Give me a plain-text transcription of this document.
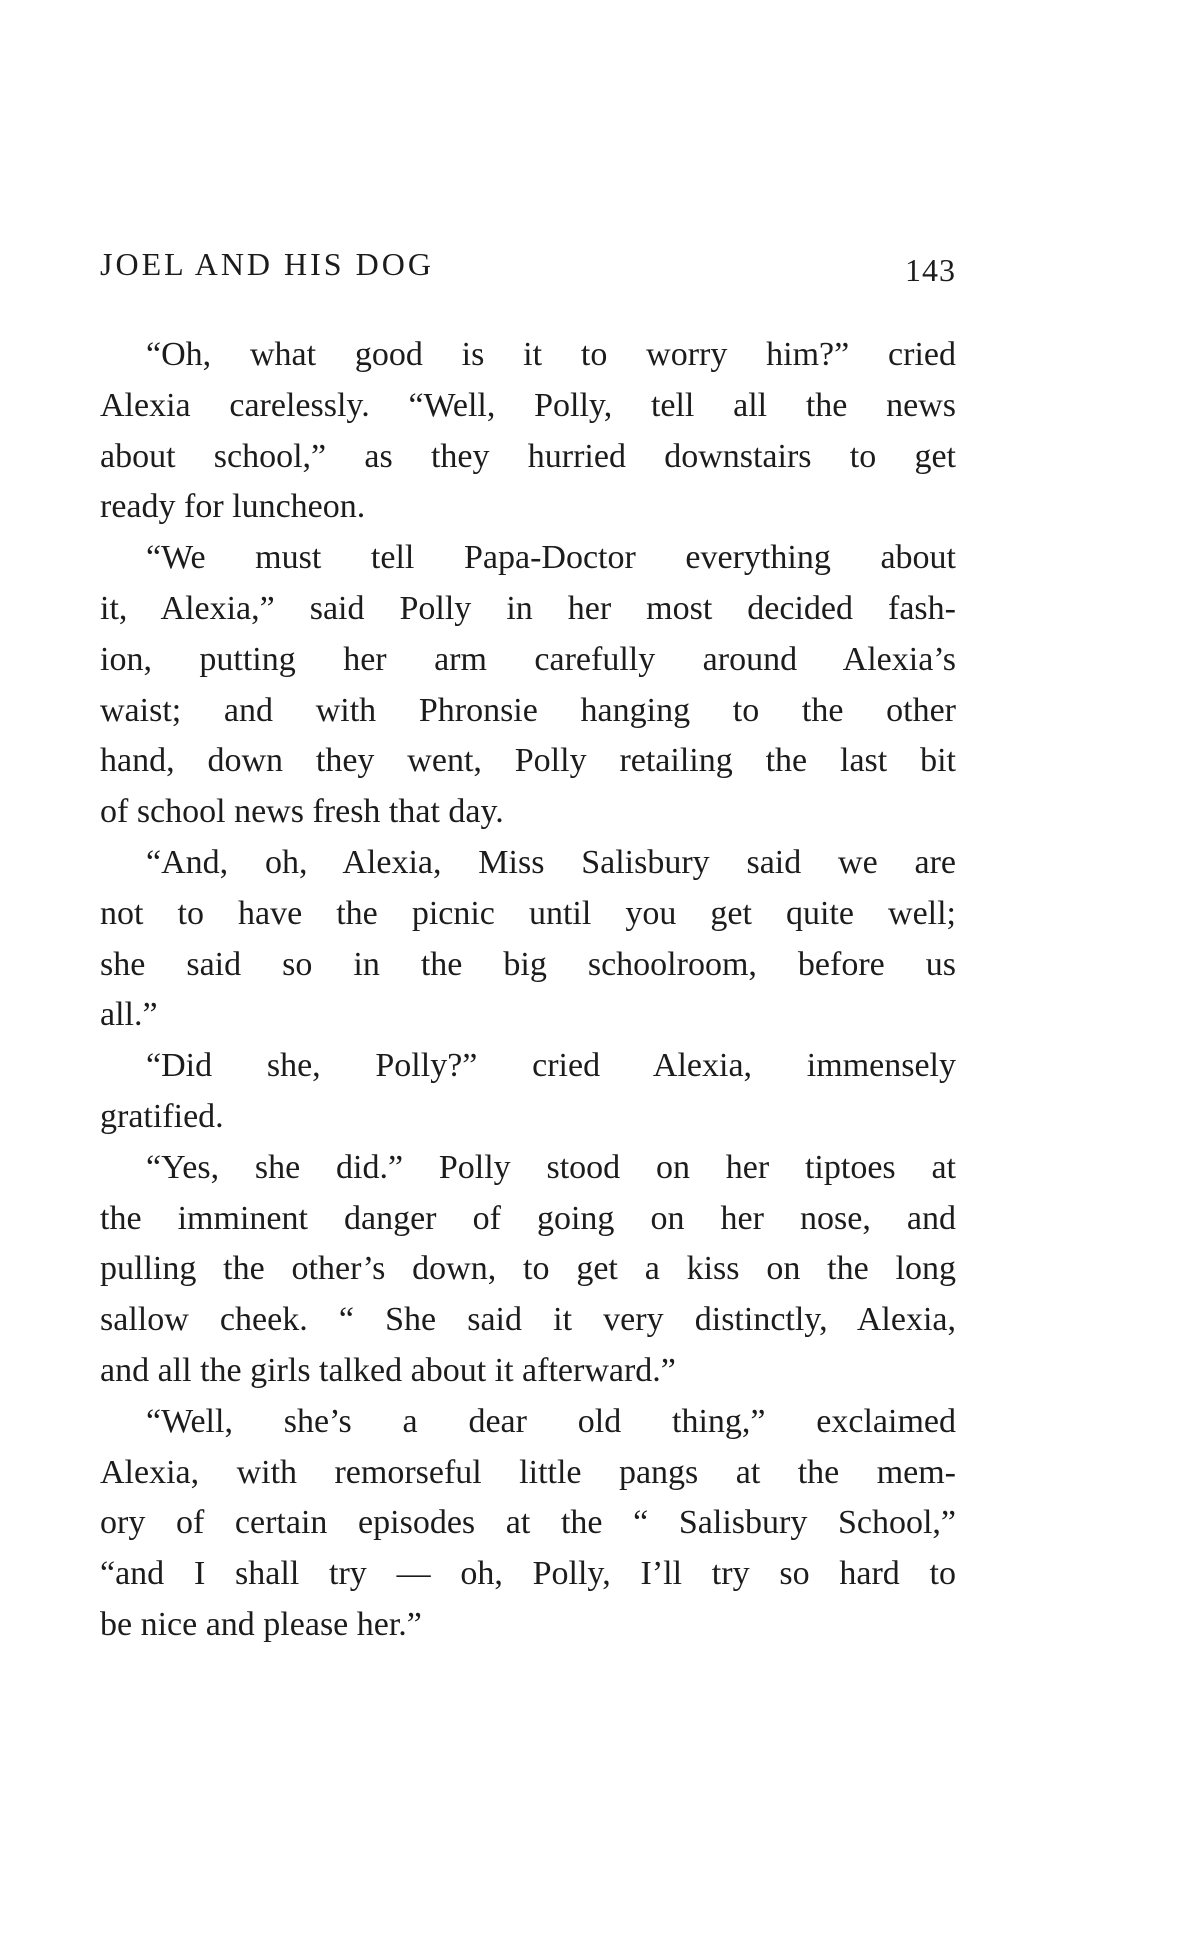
JOEL AND HIS DOG	143

“Oh, what good is it to worry him?” cried
Alexia carelessly. “Well, Polly, tell all the news
about school,” as they hurried downstairs to get
ready for luncheon.

“We must tell Papa-Doctor everything about
it, Alexia,” said Polly in her most decided fash-
ion, putting her arm carefully around Alexia’s
waist; and with Phronsie hanging to the other
hand, down they went, Polly retailing the last bit
of school news fresh that day.

“And, oh, Alexia, Miss Salisbury said we are
not to have the picnic until you get quite well;
she said so in the big schoolroom, before us
all.”

“Did she, Polly?” cried Alexia, immensely
gratified.

“Yes, she did.” Polly stood on her tiptoes at
the imminent danger of going on her nose, and
pulling the other’s down, to get a kiss on the long
sallow cheek. “ She said it very distinctly, Alexia,
and all the girls talked about it afterward.”

“Well, she’s a dear old thing,” exclaimed
Alexia, with remorseful little pangs at the mem-
ory of certain episodes at the “ Salisbury School,”
“and I shall try — oh, Polly, I’ll try so hard to
be nice and please her.”
